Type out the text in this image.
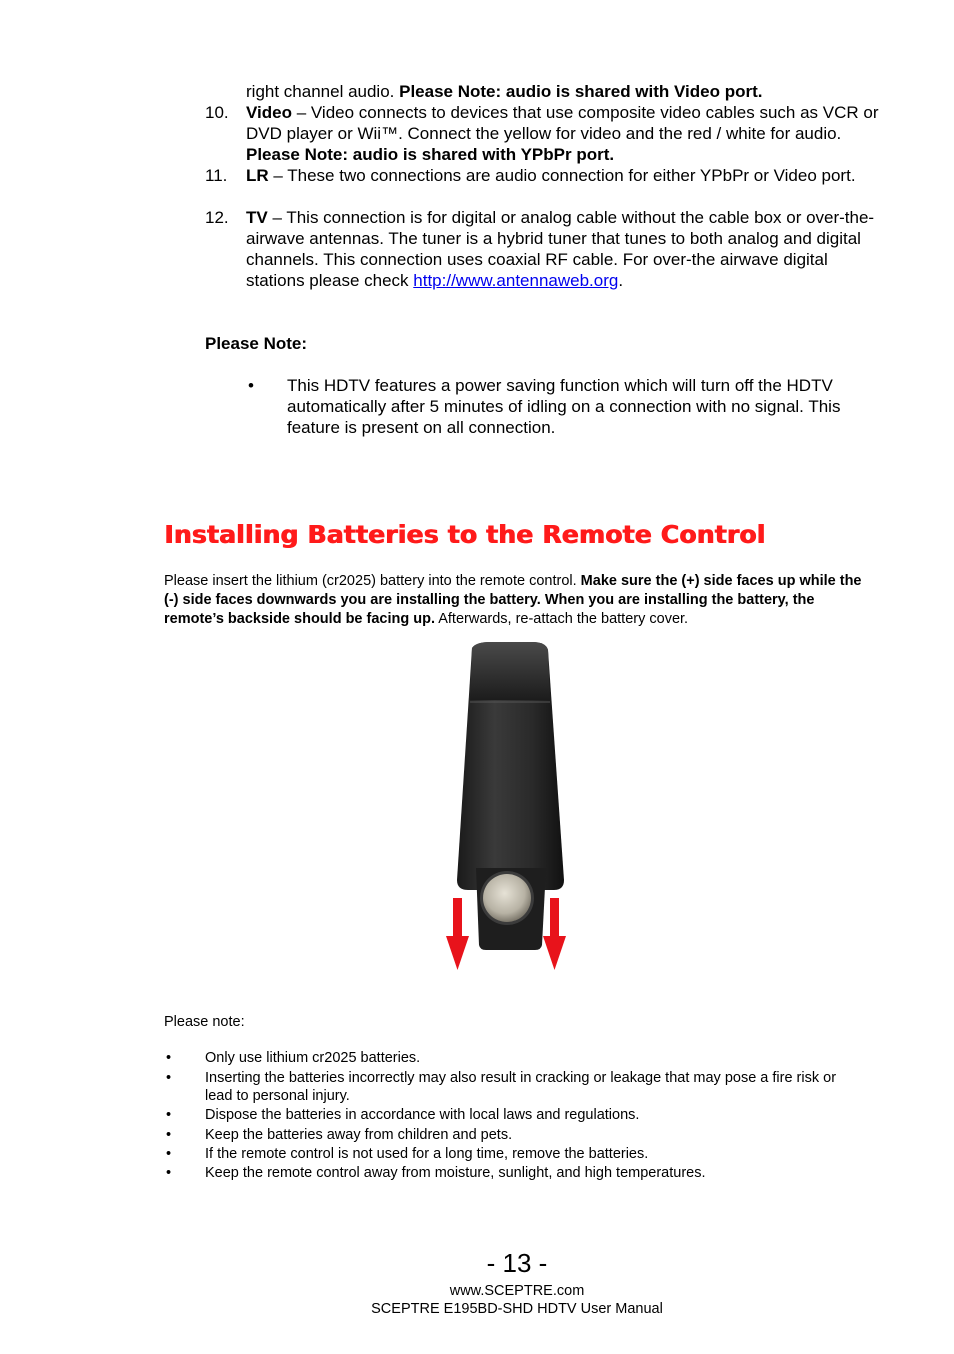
right channel audio. Please Note: audio is shared with Video port.
10.	Video – Video connects to devices that use composite video cables such as VCR or DVD player or Wii™. Connect the yellow for video and the red / white for audio. Please Note: audio is shared with YPbPr port.
11.	LR – These two connections are audio connection for either YPbPr or Video port.
12.	TV – This connection is for digital or analog cable without the cable box or over-the-airwave antennas. The tuner is a hybrid tuner that tunes to both analog and digital channels. This connection uses coaxial RF cable. For over-the airwave digital stations please check http://www.antennaweb.org.
Please Note:
• This HDTV features a power saving function which will turn off the HDTV automatically after 5 minutes of idling on a connection with no signal. This feature is present on all connection.
Installing Batteries to the Remote Control
Please insert the lithium (cr2025) battery into the remote control. Make sure the (+) side faces up while the (-) side faces downwards you are installing the battery. When you are installing the battery, the remote’s backside should be facing up. Afterwards, re-attach the battery cover.
Please note:
•	Only use lithium cr2025 batteries.
•	Inserting the batteries incorrectly may also result in cracking or leakage that may pose a fire risk or lead to personal injury.
•	Dispose the batteries in accordance with local laws and regulations.
•	Keep the batteries away from children and pets.
•	If the remote control is not used for a long time, remove the batteries.
•	Keep the remote control away from moisture, sunlight, and high temperatures.
- 13 -
www.SCEPTRE.com
SCEPTRE E195BD-SHD HDTV User Manual
